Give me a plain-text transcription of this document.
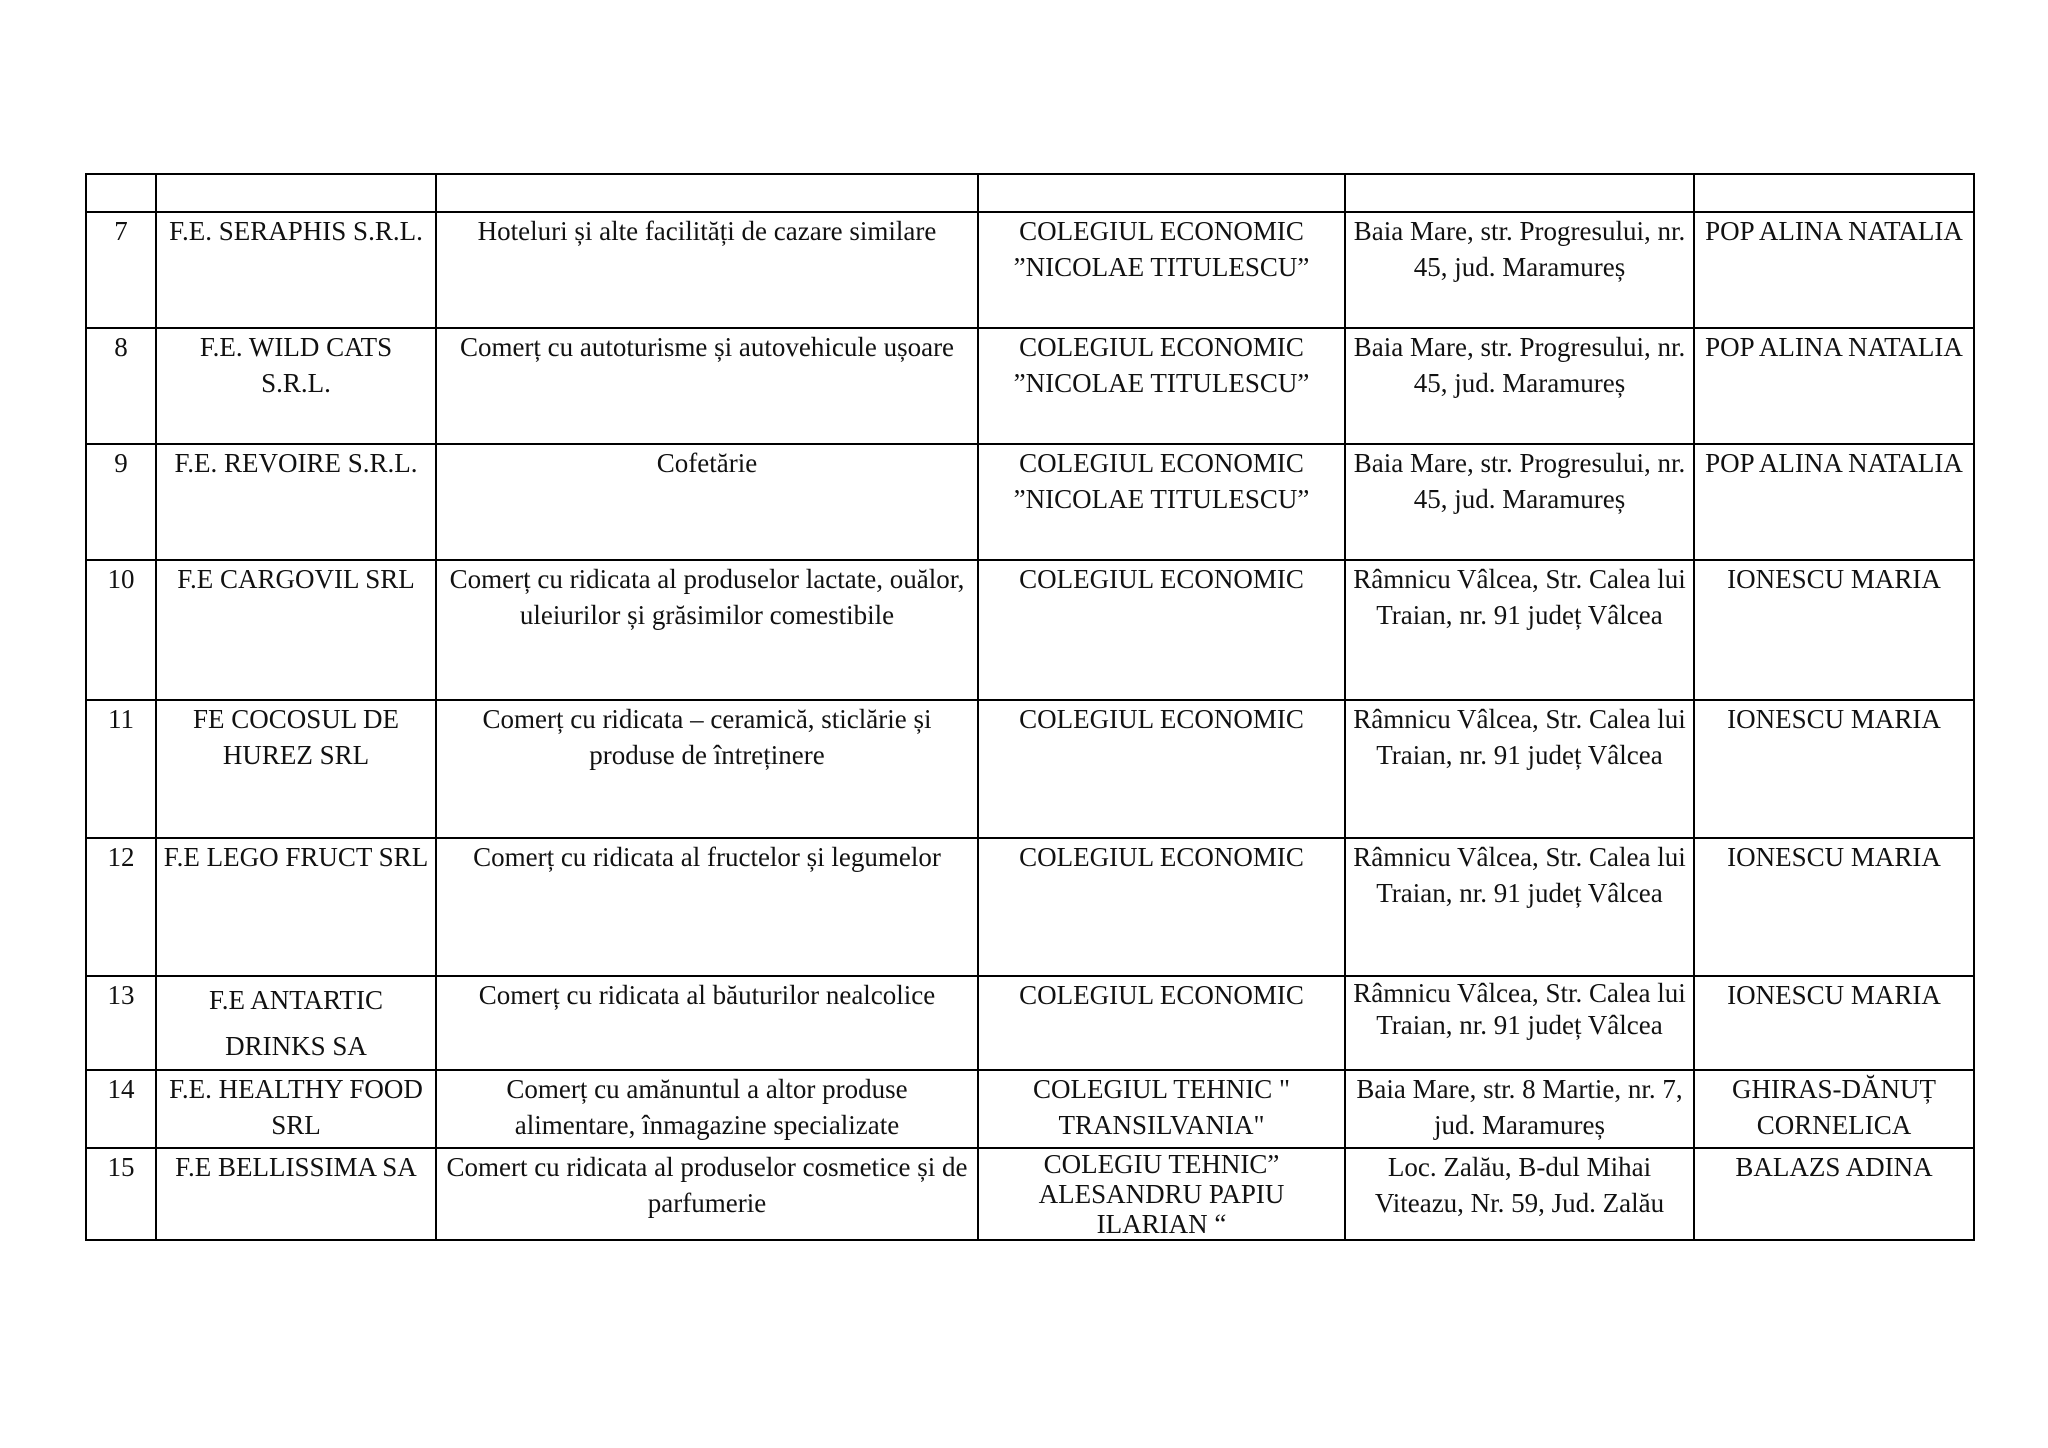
7	F.E. SERAPHIS S.R.L.	Hoteluri și alte facilități de cazare similare	COLEGIUL ECONOMIC ”NICOLAE TITULESCU”	Baia Mare, str. Progresului, nr. 45, jud. Maramureș	POP ALINA NATALIA
8	F.E. WILD CATS S.R.L.	Comerț cu autoturisme și autovehicule ușoare	COLEGIUL ECONOMIC ”NICOLAE TITULESCU”	Baia Mare, str. Progresului, nr. 45, jud. Maramureș	POP ALINA NATALIA
9	F.E. REVOIRE S.R.L.	Cofetărie	COLEGIUL ECONOMIC ”NICOLAE TITULESCU”	Baia Mare, str. Progresului, nr. 45, jud. Maramureș	POP ALINA NATALIA
10	F.E CARGOVIL SRL	Comerț cu ridicata al produselor lactate, ouălor, uleiurilor și grăsimilor comestibile	COLEGIUL ECONOMIC	Râmnicu Vâlcea, Str. Calea lui Traian, nr. 91 județ Vâlcea	IONESCU MARIA
11	FE COCOSUL DE HUREZ SRL	Comerț cu ridicata – ceramică, sticlărie și produse de întreținere	COLEGIUL ECONOMIC	Râmnicu Vâlcea, Str. Calea lui Traian, nr. 91 județ Vâlcea	IONESCU MARIA
12	F.E LEGO FRUCT SRL	Comerț cu ridicata al fructelor și legumelor	COLEGIUL ECONOMIC	Râmnicu Vâlcea, Str. Calea lui Traian, nr. 91 județ Vâlcea	IONESCU MARIA
13	F.E ANTARTIC DRINKS SA	Comerț cu ridicata al băuturilor nealcolice	COLEGIUL ECONOMIC	Râmnicu Vâlcea, Str. Calea lui Traian, nr. 91 județ Vâlcea	IONESCU MARIA
14	F.E. HEALTHY FOOD SRL	Comerț cu amănuntul a altor produse alimentare, înmagazine specializate	COLEGIUL TEHNIC " TRANSILVANIA"	Baia Mare, str. 8 Martie, nr. 7, jud. Maramureș	GHIRAS-DĂNUȚ CORNELICA
15	F.E BELLISSIMA SA	Comert cu ridicata al produselor cosmetice și de parfumerie	COLEGIU TEHNIC” ALESANDRU PAPIU ILARIAN “	Loc. Zalău, B-dul Mihai Viteazu, Nr. 59, Jud. Zalău	BALAZS ADINA
